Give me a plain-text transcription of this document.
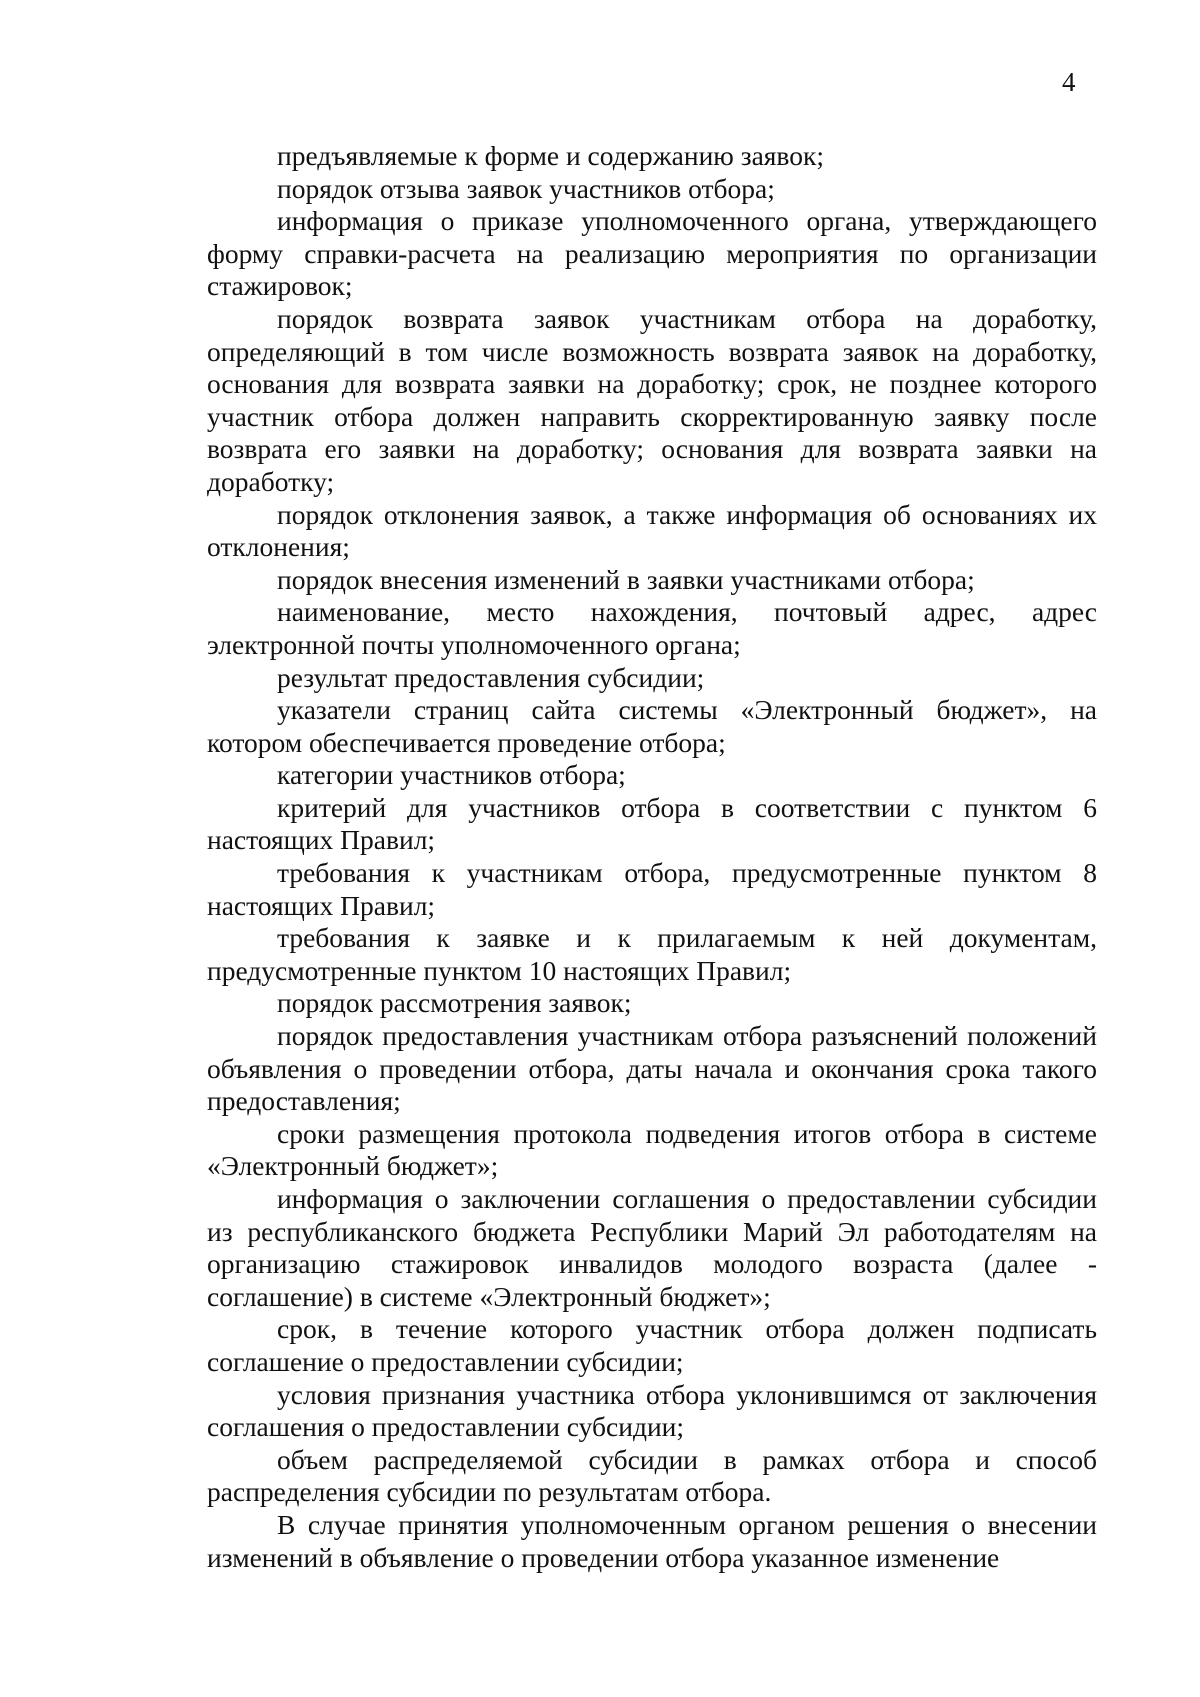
4

предъявляемые к форме и содержанию заявок;

порядок отзыва заявок участников отбора;

информация о приказе уполномоченного органа, утверждающего форму справки-расчета на реализацию мероприятия по организации стажировок;

порядок возврата заявок участникам отбора на доработку, определяющий в том числе возможность возврата заявок на доработку, основания для возврата заявки на доработку; срок, не позднее которого участник отбора должен направить скорректированную заявку после возврата его заявки на доработку; основания для возврата заявки на доработку;

порядок отклонения заявок, а также информация об основаниях их отклонения;

порядок внесения изменений в заявки участниками отбора;

наименование, место нахождения, почтовый адрес, адрес электронной почты уполномоченного органа;

результат предоставления субсидии;

указатели страниц сайта системы «Электронный бюджет», на котором обеспечивается проведение отбора;

категории участников отбора;

критерий для участников отбора в соответствии с пунктом 6 настоящих Правил;

требования к участникам отбора, предусмотренные пунктом 8 настоящих Правил;

требования к заявке и к прилагаемым к ней документам, предусмотренные пунктом 10 настоящих Правил;

порядок рассмотрения заявок;

порядок предоставления участникам отбора разъяснений положений объявления о проведении отбора, даты начала и окончания срока такого предоставления;

сроки размещения протокола подведения итогов отбора в системе «Электронный бюджет»;

информация о заключении соглашения о предоставлении субсидии из республиканского бюджета Республики Марий Эл работодателям на организацию стажировок инвалидов молодого возраста (далее - соглашение) в системе «Электронный бюджет»;

срок, в течение которого участник отбора должен подписать соглашение о предоставлении субсидии;

условия признания участника отбора уклонившимся от заключения соглашения о предоставлении субсидии;

объем распределяемой субсидии в рамках отбора и способ распределения субсидии по результатам отбора.

В случае принятия уполномоченным органом решения о внесении изменений в объявление о проведении отбора указанное изменение
